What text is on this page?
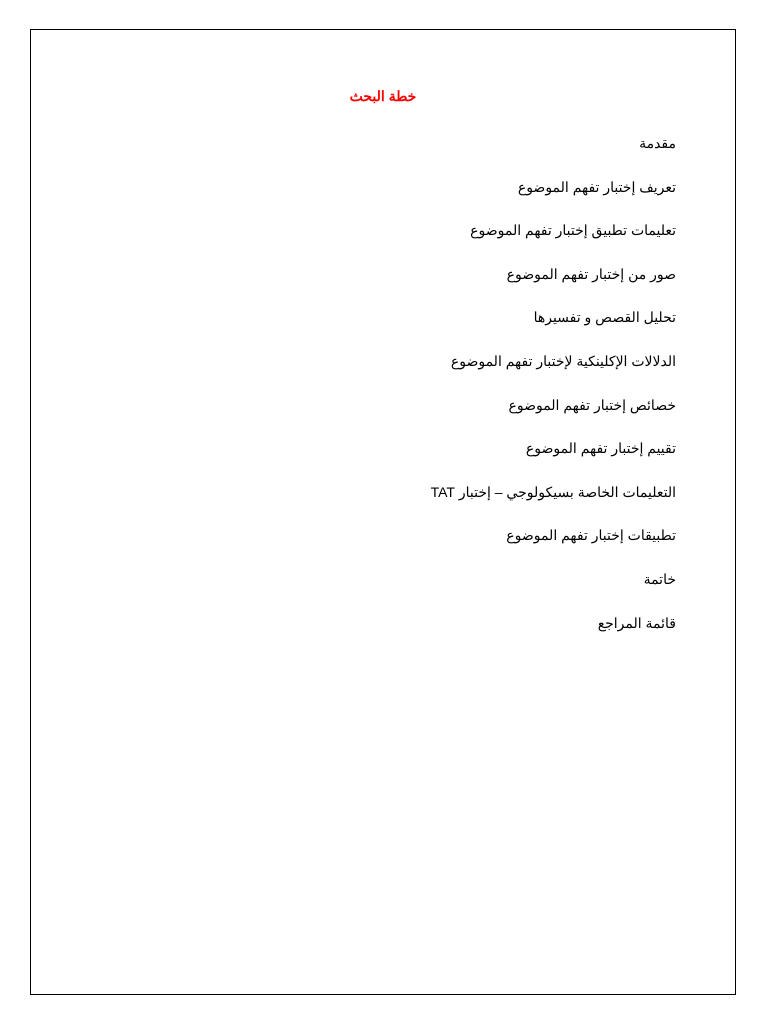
خطة البحث
مقدمة
تعريف إختبار تفهم الموضوع
تعليمات تطبيق إختبار تفهم الموضوع
صور من إختبار تفهم الموضوع
تحليل القصص و تفسيرها
الدلالات الإكلينكية لإختبار تفهم الموضوع
خصائص إختبار تفهم الموضوع
تقييم إختبار تفهم الموضوع
التعليمات الخاصة بسيكولوجي – إختبار TAT
تطبيقات إختبار تفهم الموضوع
خاتمة
قائمة المراجع
